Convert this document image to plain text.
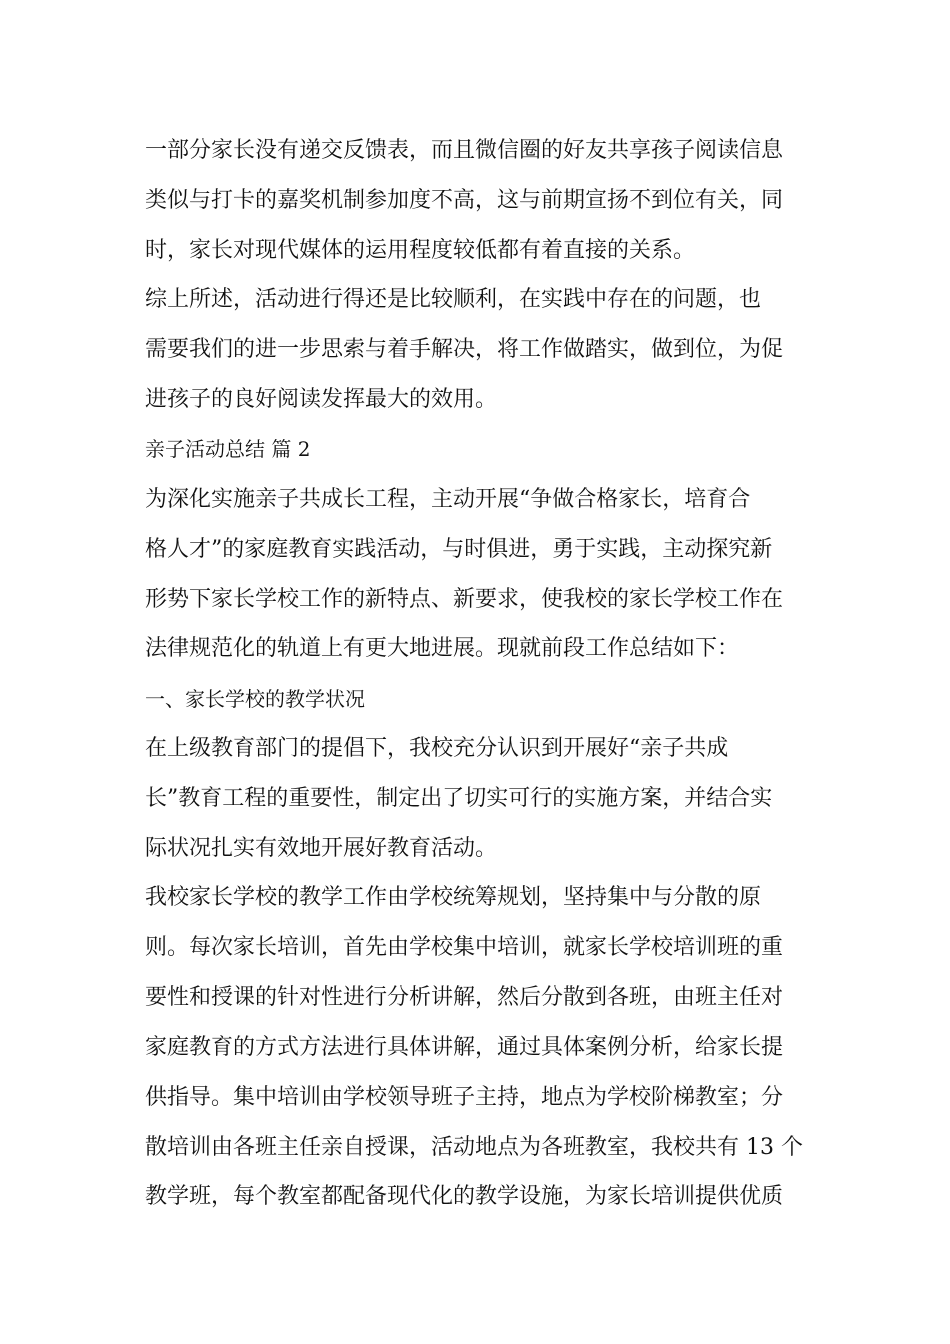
一部分家长没有递交反馈表，而且微信圈的好友共享孩子阅读信息
类似与打卡的嘉奖机制参加度不高，这与前期宣扬不到位有关，同
时，家长对现代媒体的运用程度较低都有着直接的关系。
综上所述，活动进行得还是比较顺利，在实践中存在的问题，也
需要我们的进一步思索与着手解决，将工作做踏实，做到位，为促
进孩子的良好阅读发挥最大的效用。
亲子活动总结 篇 2
为深化实施亲子共成长工程，主动开展“争做合格家长，培育合
格人才”的家庭教育实践活动，与时俱进，勇于实践，主动探究新
形势下家长学校工作的新特点、新要求，使我校的家长学校工作在
法律规范化的轨道上有更大地进展。现就前段工作总结如下：
一、家长学校的教学状况
在上级教育部门的提倡下，我校充分认识到开展好“亲子共成
长”教育工程的重要性，制定出了切实可行的实施方案，并结合实
际状况扎实有效地开展好教育活动。
我校家长学校的教学工作由学校统筹规划，坚持集中与分散的原
则。每次家长培训，首先由学校集中培训，就家长学校培训班的重
要性和授课的针对性进行分析讲解，然后分散到各班，由班主任对
家庭教育的方式方法进行具体讲解，通过具体案例分析，给家长提
供指导。集中培训由学校领导班子主持，地点为学校阶梯教室；分
散培训由各班主任亲自授课，活动地点为各班教室，我校共有 13 个
教学班，每个教室都配备现代化的教学设施，为家长培训提供优质
